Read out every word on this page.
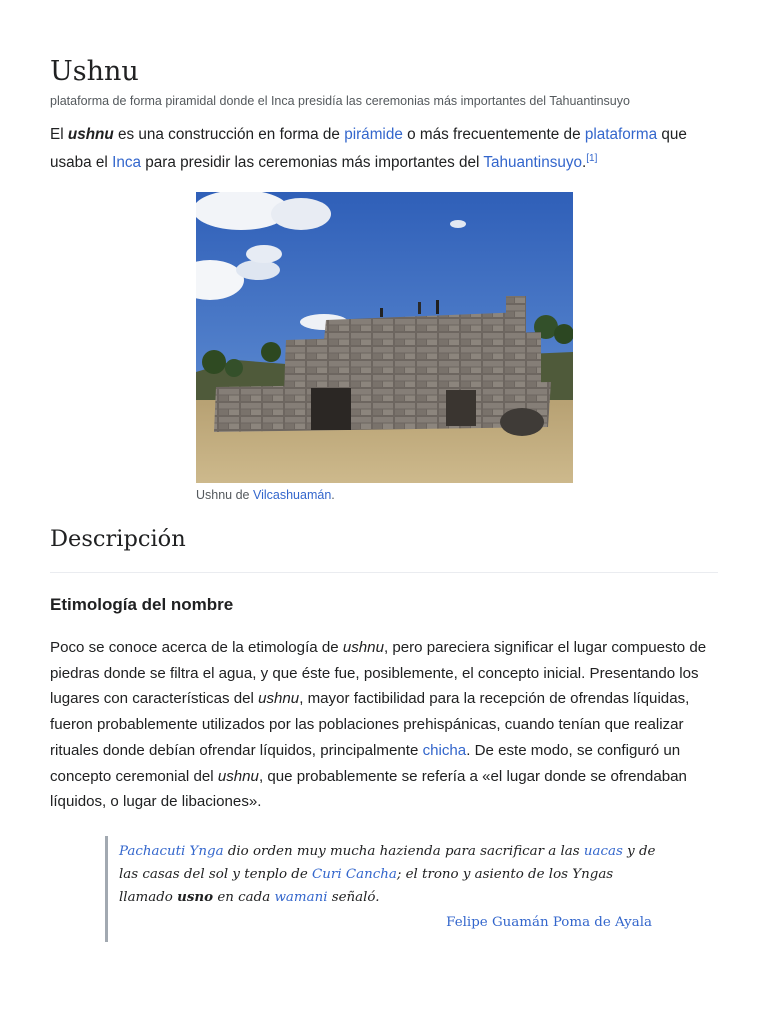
Ushnu
plataforma de forma piramidal donde el Inca presidía las ceremonias más importantes del Tahuantinsuyo

El ushnu es una construcción en forma de pirámide o más frecuentemente de plataforma que usaba el Inca para presidir las ceremonias más importantes del Tahuantinsuyo.[1]

Ushnu de Vilcashuamán.
Descripción
Etimología del nombre

Poco se conoce acerca de la etimología de ushnu, pero pareciera significar el lugar compuesto de piedras donde se filtra el agua, y que éste fue, posiblemente, el concepto inicial. Presentando los lugares con características del ushnu, mayor factibilidad para la recepción de ofrendas líquidas, fueron probablemente utilizados por las poblaciones prehispánicas, cuando tenían que realizar rituales donde debían ofrendar líquidos, principalmente chicha. De este modo, se configuró un concepto ceremonial del ushnu, que probablemente se refería a «el lugar donde se ofrendaban líquidos, o lugar de libaciones».

Pachacuti Ynga dio orden muy mucha hazienda para sacrificar a las uacas y de las casas del sol y tenplo de Curi Cancha; el trono y asiento de los Yngas llamado usno en cada wamani señaló.

Felipe Guamán Poma de Ayala
